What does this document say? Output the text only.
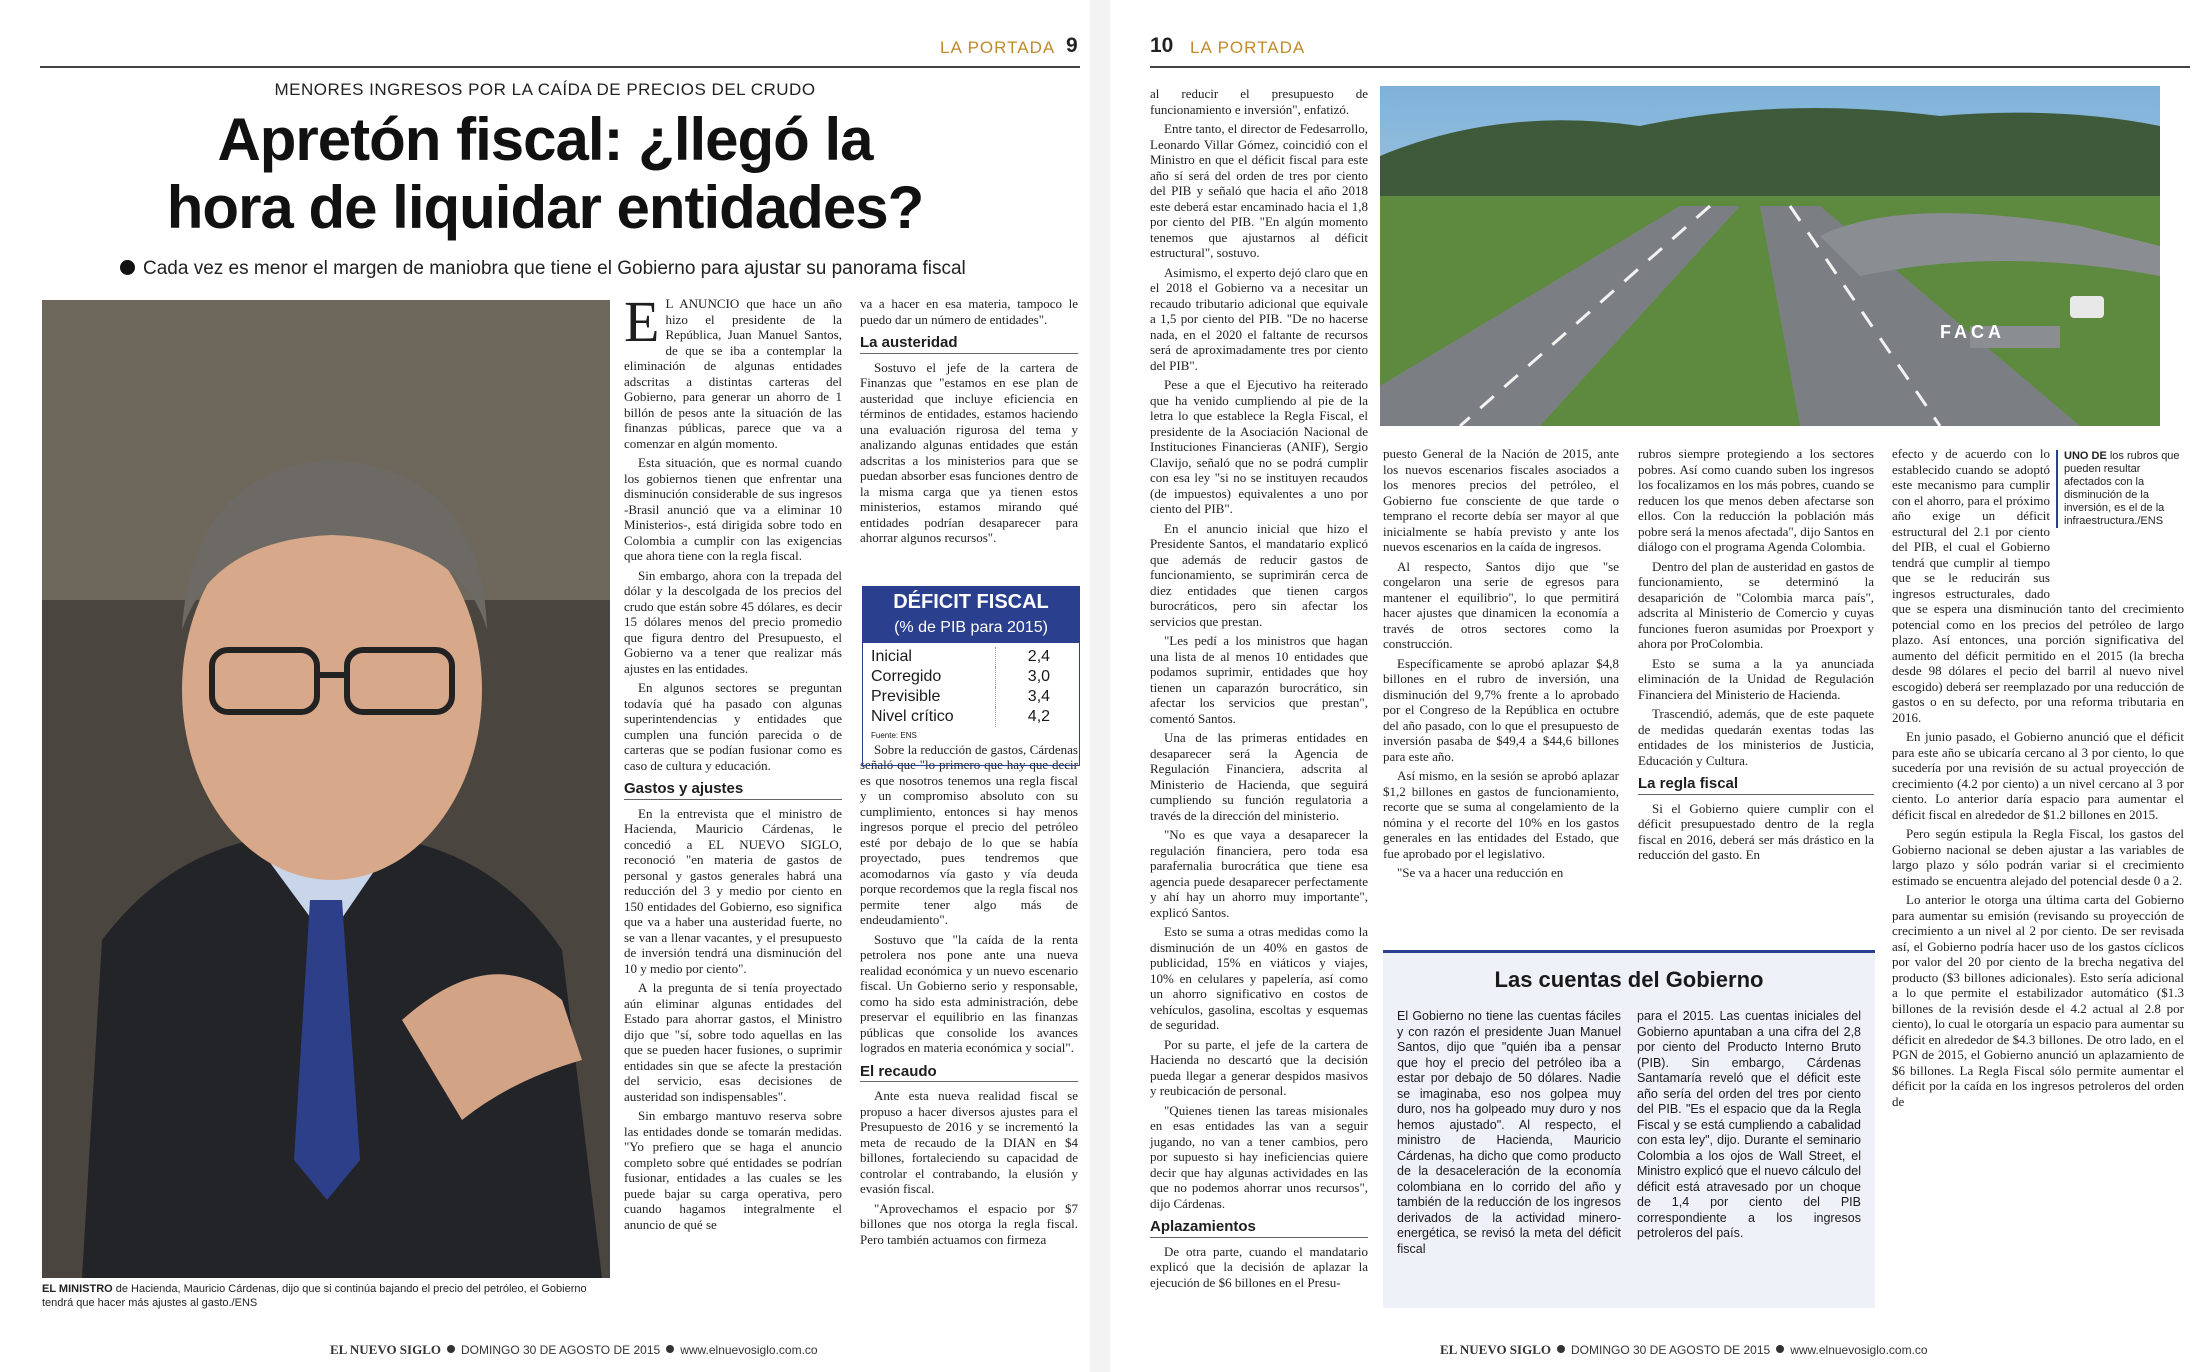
LA PORTADA 9
MENORES INGRESOS POR LA CAÍDA DE PRECIOS DEL CRUDO
Apretón fiscal: ¿llegó la
hora de liquidar entidades?
Cada vez es menor el margen de maniobra que tiene el Gobierno para ajustar su panorama fiscal
EL MINISTRO de Hacienda, Mauricio Cárdenas, dijo que si continúa bajando el precio del petróleo, el Gobierno tendrá que hacer más ajustes al gasto./ENS

E L ANUNCIO que hace un año hizo el presidente de la República, Juan Manuel Santos, de que se iba a contemplar la eliminación de algunas entidades adscritas a distintas carteras del Gobierno, para generar un ahorro de 1 billón de pesos ante la situación de las finanzas públicas, parece que va a comenzar en algún momento.

Esta situación, que es normal cuando los gobiernos tienen que enfrentar una disminución considerable de sus ingresos -Brasil anunció que va a eliminar 10 Ministerios-, está dirigida sobre todo en Colombia a cumplir con las exigencias que ahora tiene con la regla fiscal.

Sin embargo, ahora con la trepada del dólar y la descolgada de los precios del crudo que están sobre 45 dólares, es decir 15 dólares menos del precio promedio que figura dentro del Presupuesto, el Gobierno va a tener que realizar más ajustes en las entidades.

En algunos sectores se preguntan todavía qué ha pasado con algunas superintendencias y entidades que cumplen una función parecida o de carteras que se podían fusionar como es caso de cultura y educación.

Gastos y ajustes

En la entrevista que el ministro de Hacienda, Mauricio Cárdenas, le concedió a EL NUEVO SIGLO, reconoció "en materia de gastos de personal y gastos generales habrá una reducción del 3 y medio por ciento en 150 entidades del Gobierno, eso significa que va a haber una austeridad fuerte, no se van a llenar vacantes, y el presupuesto de inversión tendrá una disminución del 10 y medio por ciento".

A la pregunta de si tenía proyectado aún eliminar algunas entidades del Estado para ahorrar gastos, el Ministro dijo que "sí, sobre todo aquellas en las que se pueden hacer fusiones, o suprimir entidades sin que se afecte la prestación del servicio, esas decisiones de austeridad son indispensables".

Sin embargo mantuvo reserva sobre las entidades donde se tomarán medidas. "Yo prefiero que se haga el anuncio completo sobre qué entidades se podrían fusionar, entidades a las cuales se les puede bajar su carga operativa, pero cuando hagamos integralmente el anuncio de qué se

va a hacer en esa materia, tampoco le puedo dar un número de entidades".

La austeridad

Sostuvo el jefe de la cartera de Finanzas que "estamos en ese plan de austeridad que incluye eficiencia en términos de entidades, estamos haciendo una evaluación rigurosa del tema y analizando algunas entidades que están adscritas a los ministerios para que se puedan absorber esas funciones dentro de la misma carga que ya tienen estos ministerios, estamos mirando qué entidades podrían desaparecer para ahorrar algunos recursos".

Sobre la reducción de gastos, Cárdenas señaló que "lo primero que hay que decir es que nosotros tenemos una regla fiscal y un compromiso absoluto con su cumplimiento, entonces si hay menos ingresos porque el precio del petróleo esté por debajo de lo que se había proyectado, pues tendremos que acomodarnos vía gasto y vía deuda porque recordemos que la regla fiscal nos permite tener algo más de endeudamiento".

Sostuvo que "la caída de la renta petrolera nos pone ante una nueva realidad económica y un nuevo escenario fiscal. Un Gobierno serio y responsable, como ha sido esta administración, debe preservar el equilibrio en las finanzas públicas que consolide los avances logrados en materia económica y social".

El recaudo

Ante esta nueva realidad fiscal se propuso a hacer diversos ajustes para el Presupuesto de 2016 y se incrementó la meta de recaudo de la DIAN en $4 billones, fortaleciendo su capacidad de controlar el contrabando, la elusión y evasión fiscal.

"Aprovechamos el espacio por $7 billones que nos otorga la regla fiscal. Pero también actuamos con firmeza

DÉFICIT FISCAL
(% de PIB para 2015)
Inicial	2,4
Corregido	3,0
Previsible	3,4
Nivel crítico	4,2
Fuente: ENS
EL NUEVO SIGLO DOMINGO 30 DE AGOSTO DE 2015 www.elnuevosiglo.com.co
10 LA PORTADA
FACA
UNO DE los rubros que pueden resultar afectados con la disminución de la inversión, es el de la infraestructura./ENS

al reducir el presupuesto de funcionamiento e inversión", enfatizó.

Entre tanto, el director de Fedesarrollo, Leonardo Villar Gómez, coincidió con el Ministro en que el déficit fiscal para este año sí será del orden de tres por ciento del PIB y señaló que hacia el año 2018 este deberá estar encaminado hacia el 1,8 por ciento del PIB. "En algún momento tenemos que ajustarnos al déficit estructural", sostuvo.

Asimismo, el experto dejó claro que en el 2018 el Gobierno va a necesitar un recaudo tributario adicional que equivale a 1,5 por ciento del PIB. "De no hacerse nada, en el 2020 el faltante de recursos será de aproximadamente tres por ciento del PIB".

Pese a que el Ejecutivo ha reiterado que ha venido cumpliendo al pie de la letra lo que establece la Regla Fiscal, el presidente de la Asociación Nacional de Instituciones Financieras (ANIF), Sergio Clavijo, señaló que no se podrá cumplir con esa ley "si no se instituyen recaudos (de impuestos) equivalentes a uno por ciento del PIB".

En el anuncio inicial que hizo el Presidente Santos, el mandatario explicó que además de reducir gastos de funcionamiento, se suprimirán cerca de diez entidades que tienen cargos burocráticos, pero sin afectar los servicios que prestan.

"Les pedí a los ministros que hagan una lista de al menos 10 entidades que podamos suprimir, entidades que hoy tienen un caparazón burocrático, sin afectar los servicios que prestan", comentó Santos.

Una de las primeras entidades en desaparecer será la Agencia de Regulación Financiera, adscrita al Ministerio de Hacienda, que seguirá cumpliendo su función regulatoria a través de la dirección del ministerio.

"No es que vaya a desaparecer la regulación financiera, pero toda esa parafernalia burocrática que tiene esa agencia puede desaparecer perfectamente y ahí hay un ahorro muy importante", explicó Santos.

Esto se suma a otras medidas como la disminución de un 40% en gastos de publicidad, 15% en viáticos y viajes, 10% en celulares y papelería, así como un ahorro significativo en costos de vehículos, gasolina, escoltas y esquemas de seguridad.

Por su parte, el jefe de la cartera de Hacienda no descartó que la decisión pueda llegar a generar despidos masivos y reubicación de personal.

"Quienes tienen las tareas misionales en esas entidades las van a seguir jugando, no van a tener cambios, pero por supuesto si hay ineficiencias quiere decir que hay algunas actividades en las que no podemos ahorrar unos recursos", dijo Cárdenas.

Aplazamientos

De otra parte, cuando el mandatario explicó que la decisión de aplazar la ejecución de $6 billones en el Presu-

puesto General de la Nación de 2015, ante los nuevos escenarios fiscales asociados a los menores precios del petróleo, el Gobierno fue consciente de que tarde o temprano el recorte debía ser mayor al que inicialmente se había previsto y ante los nuevos escenarios en la caída de ingresos.

Al respecto, Santos dijo que "se congelaron una serie de egresos para mantener el equilibrio", lo que permitirá hacer ajustes que dinamicen la economía a través de otros sectores como la construcción.

Específicamente se aprobó aplazar $4,8 billones en el rubro de inversión, una disminución del 9,7% frente a lo aprobado por el Congreso de la República en octubre del año pasado, con lo que el presupuesto de inversión pasaba de $49,4 a $44,6 billones para este año.

Así mismo, en la sesión se aprobó aplazar $1,2 billones en gastos de funcionamiento, recorte que se suma al congelamiento de la nómina y el recorte del 10% en los gastos generales en las entidades del Estado, que fue aprobado por el legislativo.

"Se va a hacer una reducción en

rubros siempre protegiendo a los sectores pobres. Así como cuando suben los ingresos los focalizamos en los más pobres, cuando se reducen los que menos deben afectarse son ellos. Con la reducción la población más pobre será la menos afectada", dijo Santos en diálogo con el programa Agenda Colombia.

Dentro del plan de austeridad en gastos de funcionamiento, se determinó la desaparición de "Colombia marca país", adscrita al Ministerio de Comercio y cuyas funciones fueron asumidas por Proexport y ahora por ProColombia.

Esto se suma a la ya anunciada eliminación de la Unidad de Regulación Financiera del Ministerio de Hacienda.

Trascendió, además, que de este paquete de medidas quedarán exentas todas las entidades de los ministerios de Justicia, Educación y Cultura.

La regla fiscal

Si el Gobierno quiere cumplir con el déficit presupuestado dentro de la regla fiscal en 2016, deberá ser más drástico en la reducción del gasto. En

efecto y de acuerdo con lo establecido cuando se adoptó este mecanismo para cumplir con el ahorro, para el próximo año exige un déficit estructural del 2.1 por ciento del PIB, el cual el Gobierno tendrá que cumplir al tiempo que se le reducirán sus ingresos estructurales, dado que se espera una disminución tanto del crecimiento potencial como en los precios del petróleo de largo plazo. Así entonces, una porción significativa del aumento del déficit permitido en el 2015 (la brecha desde 98 dólares el pecio del barril al nuevo nivel escogido) deberá ser reemplazado por una reducción de gastos o en su defecto, por una reforma tributaria en 2016.

En junio pasado, el Gobierno anunció que el déficit para este año se ubicaría cercano al 3 por ciento, lo que sucedería por una revisión de su actual proyección de crecimiento (4.2 por ciento) a un nivel cercano al 3 por ciento. Lo anterior daría espacio para aumentar el déficit fiscal en alrededor de $1.2 billones en 2015.

Pero según estipula la Regla Fiscal, los gastos del Gobierno nacional se deben ajustar a las variables de largo plazo y sólo podrán variar si el crecimiento estimado se encuentra alejado del potencial desde 0 a 2.

Lo anterior le otorga una última carta del Gobierno para aumentar su emisión (revisando su proyección de crecimiento a un nivel al 2 por ciento. De ser revisada así, el Gobierno podría hacer uso de los gastos cíclicos por valor del 20 por ciento de la brecha negativa del producto ($3 billones adicionales). Esto sería adicional a lo que permite el estabilizador automático ($1.3 billones de la revisión desde el 4.2 actual al 2.8 por ciento), lo cual le otorgaría un espacio para aumentar su déficit en alrededor de $4.3 billones. De otro lado, en el PGN de 2015, el Gobierno anunció un aplazamiento de $6 billones. La Regla Fiscal sólo permite aumentar el déficit por la caída en los ingresos petroleros del orden de

Las cuentas del Gobierno

El Gobierno no tiene las cuentas fáciles y con razón el presidente Juan Manuel Santos, dijo que "quién iba a pensar que hoy el precio del petróleo iba a estar por debajo de 50 dólares. Nadie se imaginaba, eso nos golpea muy duro, nos ha golpeado muy duro y nos hemos ajustado". Al respecto, el ministro de Hacienda, Mauricio Cárdenas, ha dicho que como producto de la desaceleración de la economía colombiana en lo corrido del año y también de la reducción de los ingresos derivados de la actividad minero-energética, se revisó la meta del déficit fiscal

para el 2015. Las cuentas iniciales del Gobierno apuntaban a una cifra del 2,8 por ciento del Producto Interno Bruto (PIB). Sin embargo, Cárdenas Santamaría reveló que el déficit este año sería del orden del tres por ciento del PIB. "Es el espacio que da la Regla Fiscal y se está cumpliendo a cabalidad con esta ley", dijo. Durante el seminario Colombia a los ojos de Wall Street, el Ministro explicó que el nuevo cálculo del déficit está atravesado por un choque de 1,4 por ciento del PIB correspondiente a los ingresos petroleros del país.

EL NUEVO SIGLO DOMINGO 30 DE AGOSTO DE 2015 www.elnuevosiglo.com.co
